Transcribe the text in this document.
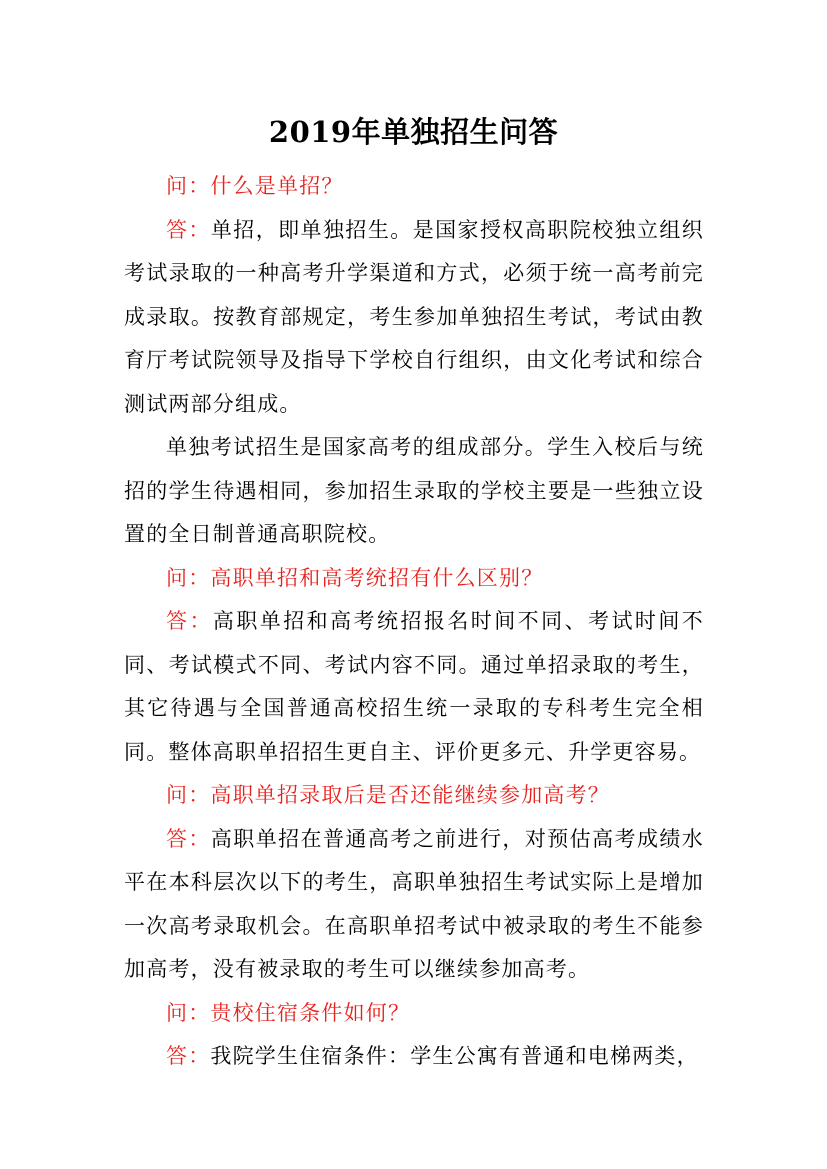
2019年单独招生问答

问：什么是单招？

答：单招，即单独招生。是国家授权高职院校独立组织考试录取的一种高考升学渠道和方式，必须于统一高考前完成录取。按教育部规定，考生参加单独招生考试，考试由教育厅考试院领导及指导下学校自行组织，由文化考试和综合测试两部分组成。

单独考试招生是国家高考的组成部分。学生入校后与统招的学生待遇相同，参加招生录取的学校主要是一些独立设置的全日制普通高职院校。

问：高职单招和高考统招有什么区别？

答：高职单招和高考统招报名时间不同、考试时间不同、考试模式不同、考试内容不同。通过单招录取的考生，其它待遇与全国普通高校招生统一录取的专科考生完全相同。整体高职单招招生更自主、评价更多元、升学更容易。

问：高职单招录取后是否还能继续参加高考？

答：高职单招在普通高考之前进行，对预估高考成绩水平在本科层次以下的考生，高职单独招生考试实际上是增加一次高考录取机会。在高职单招考试中被录取的考生不能参加高考，没有被录取的考生可以继续参加高考。

问：贵校住宿条件如何？

答：我院学生住宿条件：学生公寓有普通和电梯两类，
